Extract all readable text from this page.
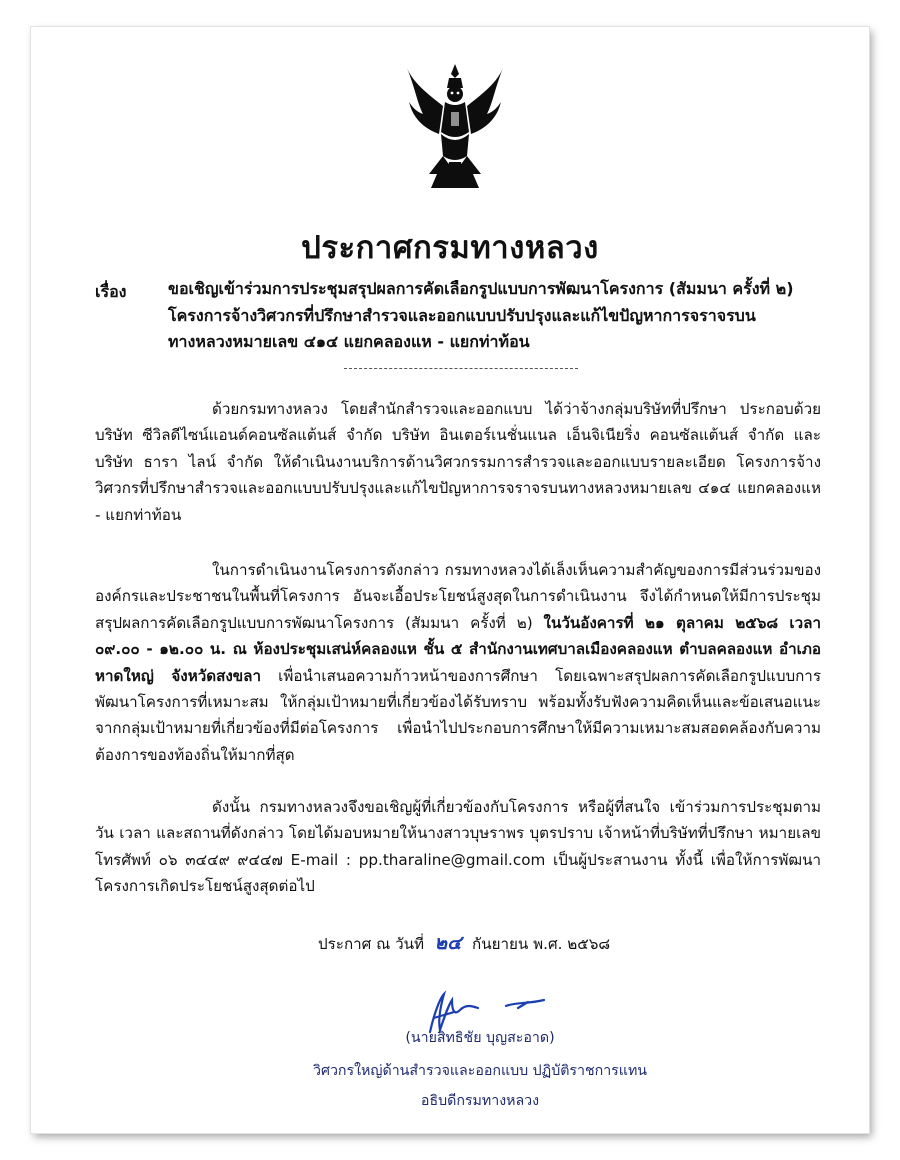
ประกาศกรมทางหลวง
เรื่อง	ขอเชิญเข้าร่วมการประชุมสรุปผลการคัดเลือกรูปแบบการพัฒนาโครงการ (สัมมนา ครั้งที่ ๒) โครงการจ้างวิศวกรที่ปรึกษาสำรวจและออกแบบปรับปรุงและแก้ไขปัญหาการจราจรบนทางหลวงหมายเลข ๔๑๔ แยกคลองแห - แยกท่าท้อน

ด้วยกรมทางหลวง โดยสำนักสำรวจและออกแบบ ได้ว่าจ้างกลุ่มบริษัทที่ปรึกษา ประกอบด้วย บริษัท ซีวิลดีไซน์แอนด์คอนซัลแต้นส์ จำกัด บริษัท อินเตอร์เนชั่นแนล เอ็นจิเนียริ่ง คอนซัลแต้นส์ จำกัด และ บริษัท ธารา ไลน์ จำกัด ให้ดำเนินงานบริการด้านวิศวกรรมการสำรวจและออกแบบรายละเอียด โครงการจ้างวิศวกรที่ปรึกษาสำรวจและออกแบบปรับปรุงและแก้ไขปัญหาการจราจรบนทางหลวงหมายเลข ๔๑๔ แยกคลองแห - แยกท่าท้อน

ในการดำเนินงานโครงการดังกล่าว กรมทางหลวงได้เล็งเห็นความสำคัญของการมีส่วนร่วมขององค์กรและประชาชนในพื้นที่โครงการ อันจะเอื้อประโยชน์สูงสุดในการดำเนินงาน จึงได้กำหนดให้มีการประชุมสรุปผลการคัดเลือกรูปแบบการพัฒนาโครงการ (สัมมนา ครั้งที่ ๒) ในวันอังคารที่ ๒๑ ตุลาคม ๒๕๖๘ เวลา ๐๙.๐๐ - ๑๒.๐๐ น. ณ ห้องประชุมเสน่ห์คลองแห ชั้น ๕ สำนักงานเทศบาลเมืองคลองแห ตำบลคลองแห อำเภอหาดใหญ่ จังหวัดสงขลา เพื่อนำเสนอความก้าวหน้าของการศึกษา โดยเฉพาะสรุปผลการคัดเลือกรูปแบบการพัฒนาโครงการที่เหมาะสม ให้กลุ่มเป้าหมายที่เกี่ยวข้องได้รับทราบ พร้อมทั้งรับฟังความคิดเห็นและข้อเสนอแนะจากกลุ่มเป้าหมายที่เกี่ยวข้องที่มีต่อโครงการ เพื่อนำไปประกอบการศึกษาให้มีความเหมาะสมสอดคล้องกับความต้องการของท้องถิ่นให้มากที่สุด

ดังนั้น กรมทางหลวงจึงขอเชิญผู้ที่เกี่ยวข้องกับโครงการ หรือผู้ที่สนใจ เข้าร่วมการประชุมตามวัน เวลา และสถานที่ดังกล่าว โดยได้มอบหมายให้นางสาวบุษราพร บุตรปราบ เจ้าหน้าที่บริษัทที่ปรึกษา หมายเลขโทรศัพท์ ๐๖ ๓๔๔๙ ๙๔๔๗ E-mail : pp.tharaline@gmail.com เป็นผู้ประสานงาน ทั้งนี้ เพื่อให้การพัฒนาโครงการเกิดประโยชน์สูงสุดต่อไป

ประกาศ ณ วันที่ ๒๔ กันยายน พ.ศ. ๒๕๖๘
(นายสิทธิชัย บุญสะอาด)
วิศวกรใหญ่ด้านสำรวจและออกแบบ ปฏิบัติราชการแทน
อธิบดีกรมทางหลวง
